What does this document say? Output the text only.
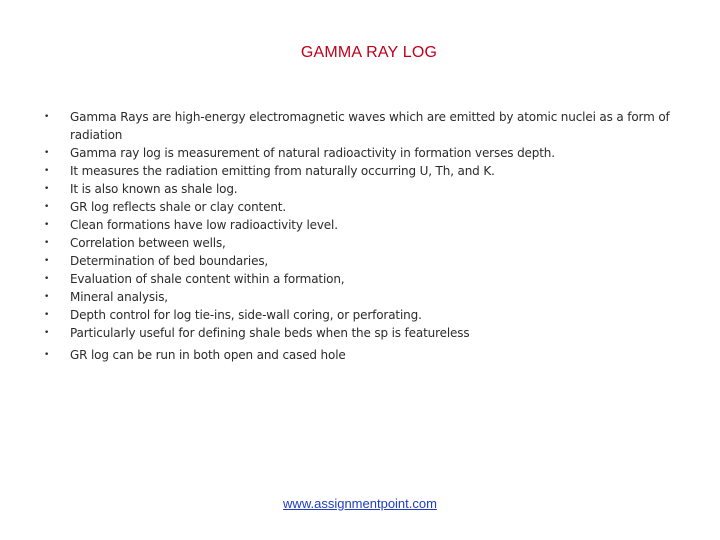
GAMMA RAY LOG
• Gamma Rays are high-energy electromagnetic waves which are emitted by atomic nuclei as a form of radiation
• Gamma ray log is measurement of natural radioactivity in formation verses depth.
• It measures the radiation emitting from naturally occurring U, Th, and K.
• It is also known as shale log.
• GR log reflects shale or clay content.
• Clean formations have low radioactivity level.
• Correlation between wells,
• Determination of bed boundaries,
• Evaluation of shale content within a formation,
• Mineral analysis,
• Depth control for log tie-ins, side-wall coring, or perforating.
• Particularly useful for defining shale beds when the sp is featureless
• GR log can be run in both open and cased hole
www.assignmentpoint.com
